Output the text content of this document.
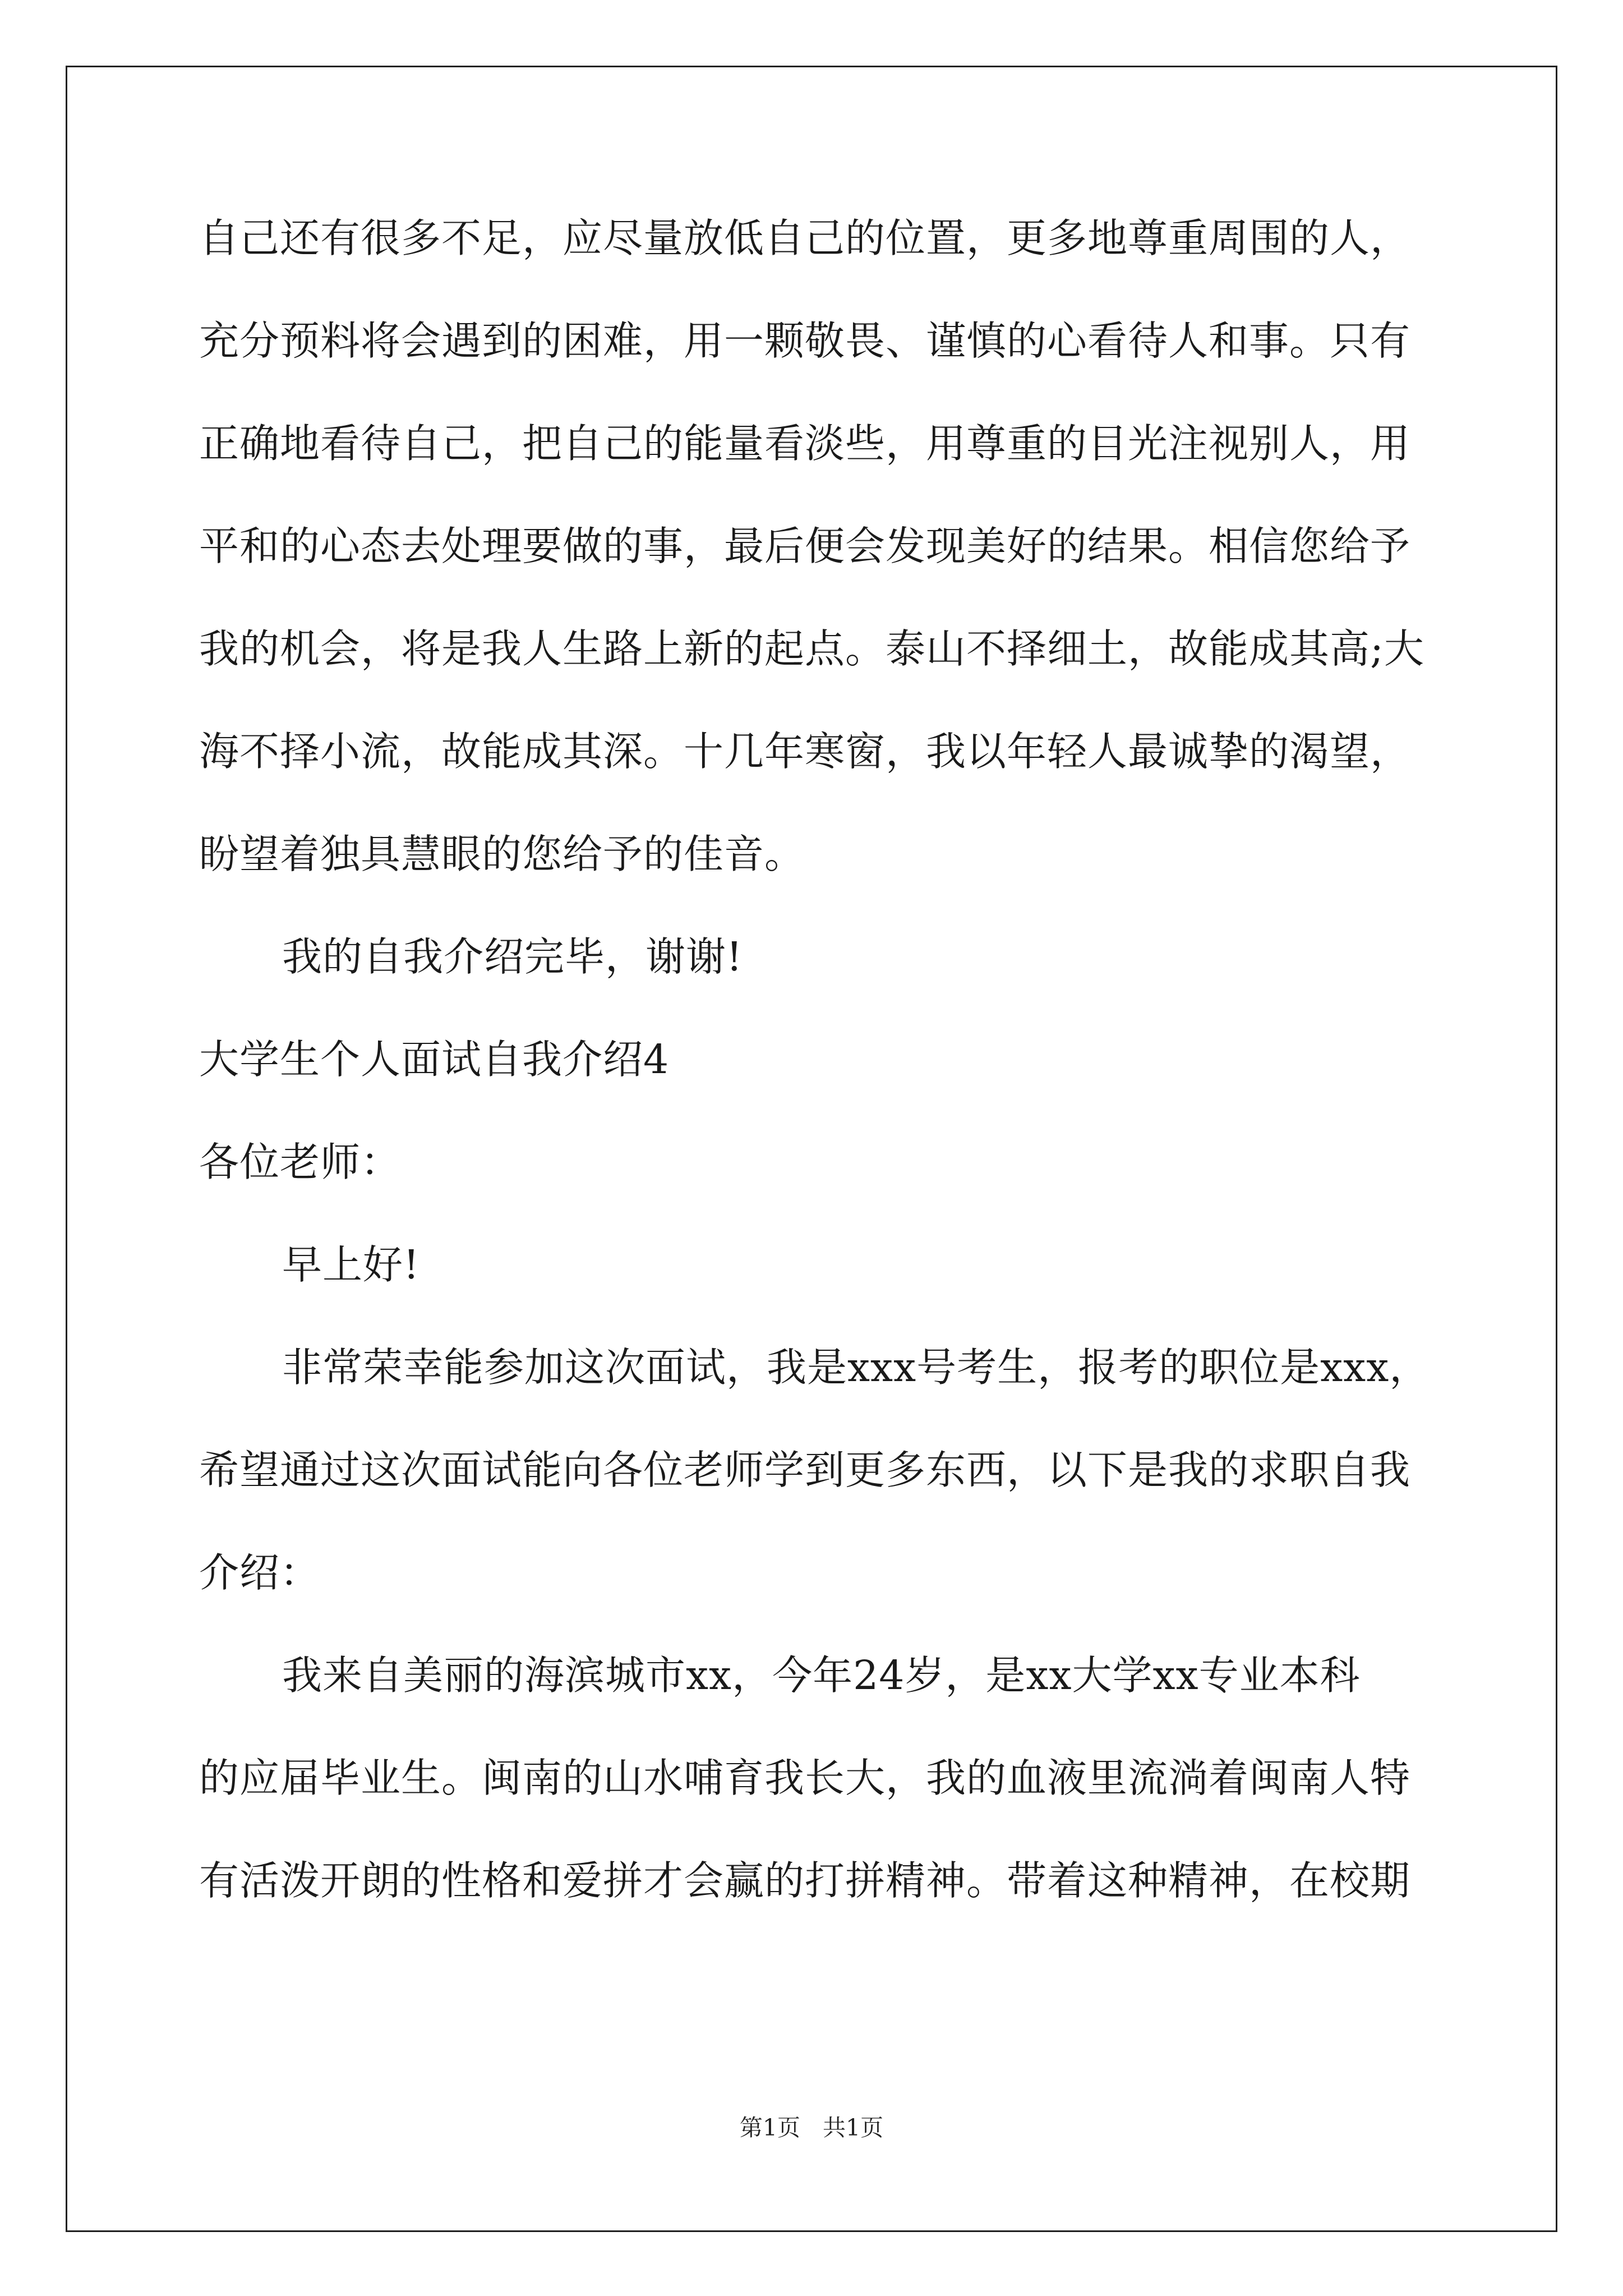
自己还有很多不足，应尽量放低自己的位置，更多地尊重周围的人，
充分预料将会遇到的困难，用一颗敬畏、谨慎的心看待人和事。只有
正确地看待自己，把自己的能量看淡些，用尊重的目光注视别人，用
平和的心态去处理要做的事，最后便会发现美好的结果。相信您给予
我的机会，将是我人生路上新的起点。泰山不择细土，故能成其高;大
海不择小流，故能成其深。十几年寒窗，我以年轻人最诚挚的渴望，
盼望着独具慧眼的您给予的佳音。
我的自我介绍完毕，谢谢!
大学生个人面试自我介绍4
各位老师：
早上好!
非常荣幸能参加这次面试，我是xxx号考生，报考的职位是xxx，
希望通过这次面试能向各位老师学到更多东西，以下是我的求职自我
介绍：
我来自美丽的海滨城市xx，今年24岁，是xx大学xx专业本科
的应届毕业生。闽南的山水哺育我长大，我的血液里流淌着闽南人特
有活泼开朗的性格和爱拼才会赢的打拼精神。带着这种精神，在校期
第1页 共1页
